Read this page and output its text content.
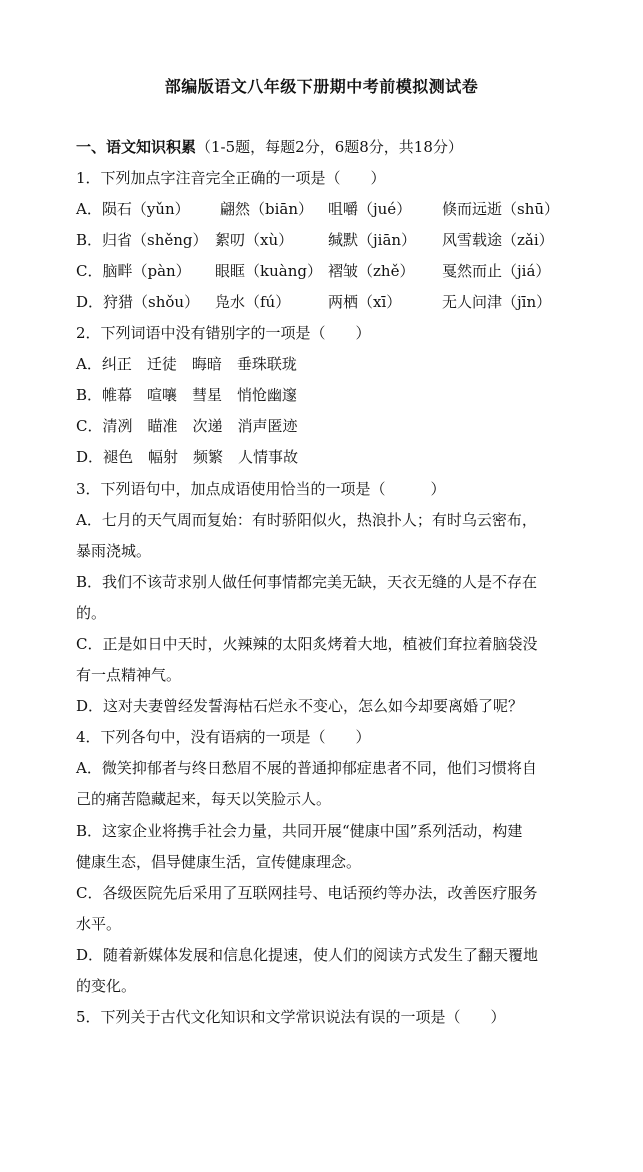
部编版语文八年级下册期中考前模拟测试卷
一、语文知识积累（1-5题，每题2分，6题8分，共18分）
1．下列加点字注音完全正确的一项是（　　）
A．陨石（yǔn） 翩然（biān） 咀嚼（jué） 倏而远逝（shū）
B．归省（shěng） 絮叨（xù） 缄默（jiān） 风雪载途（zǎi）
C．脑畔（pàn） 眼眶（kuàng） 褶皱（zhě） 戛然而止（jiá）
D．狩猎（shǒu） 凫水（fú）	两栖（xī）	无人问津（jīn）
2．下列词语中没有错别字的一项是（　　）
A．纠正　迁徒　晦暗　垂珠联珑
B．帷幕　喧嚷　彗星　悄怆幽邃
C．清冽　瞄准　次递　消声匿迹
D．褪色　幅射　频繁　人情事故
3．下列语句中，加点成语使用恰当的一项是（　　　）
A．七月的天气周而复始：有时骄阳似火，热浪扑人；有时乌云密布，
暴雨浇城。
B．我们不该苛求别人做任何事情都完美无缺，天衣无缝的人是不存在
的。
C．正是如日中天时，火辣辣的太阳炙烤着大地，植被们耷拉着脑袋没
有一点精神气。
D．这对夫妻曾经发誓海枯石烂永不变心，怎么如今却要离婚了呢？
4．下列各句中，没有语病的一项是（　　）
A．微笑抑郁者与终日愁眉不展的普通抑郁症患者不同，他们习惯将自
己的痛苦隐藏起来，每天以笑脸示人。
B．这家企业将携手社会力量，共同开展“健康中国”系列活动，构建
健康生态，倡导健康生活，宣传健康理念。
C．各级医院先后采用了互联网挂号、电话预约等办法，改善医疗服务
水平。
D．随着新媒体发展和信息化提速，使人们的阅读方式发生了翻天覆地
的变化。
5．下列关于古代文化知识和文学常识说法有误的一项是（　　）
